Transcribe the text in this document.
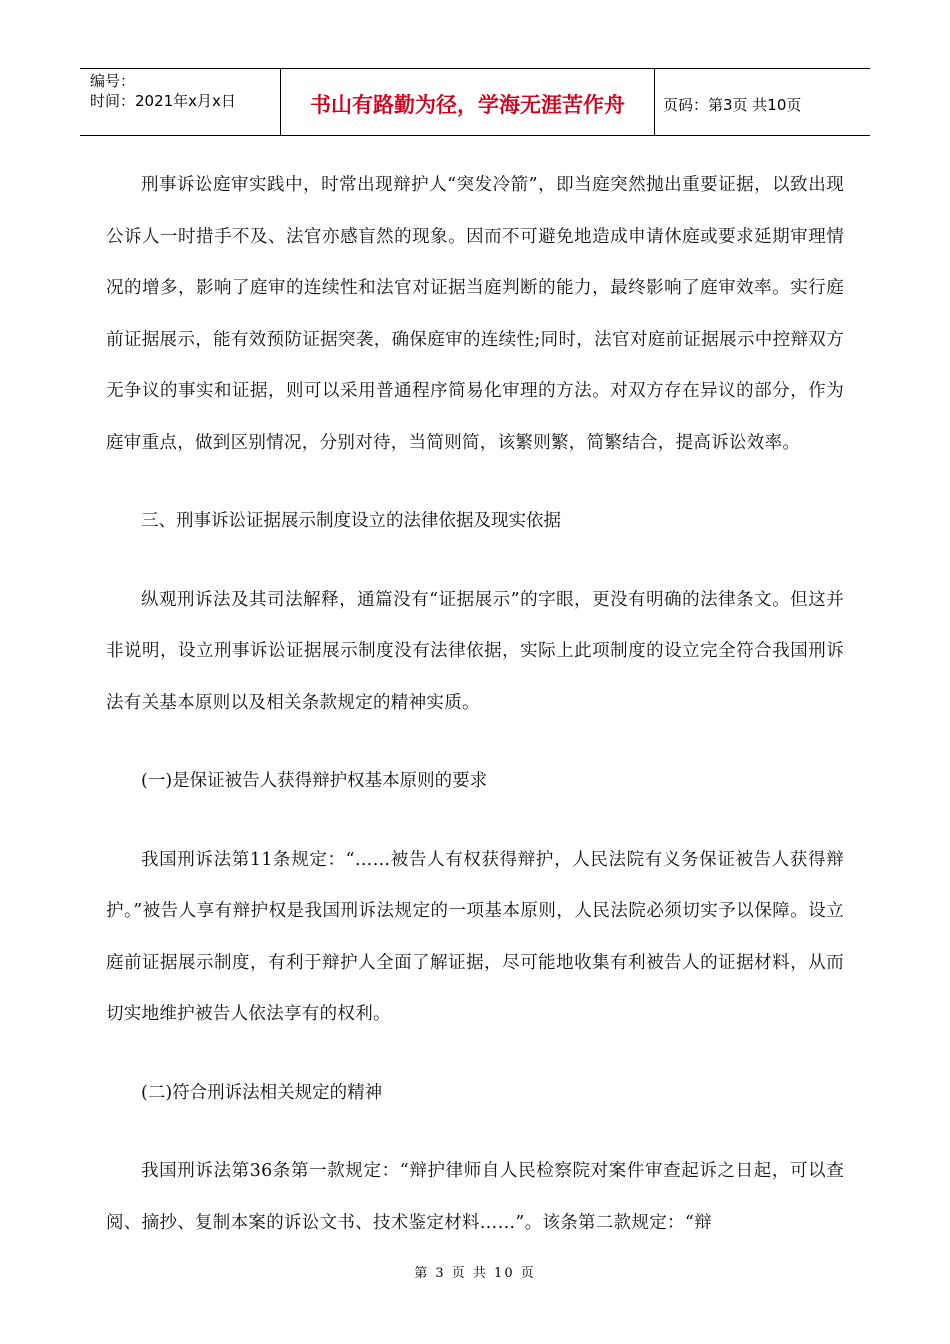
编号：
时间：2021年x月x日	书山有路勤为径，学海无涯苦作舟	页码：第3页 共10页

刑事诉讼庭审实践中，时常出现辩护人“突发冷箭”，即当庭突然抛出重要证据，以致出现公诉人一时措手不及、法官亦感盲然的现象。因而不可避免地造成申请休庭或要求延期审理情况的增多，影响了庭审的连续性和法官对证据当庭判断的能力，最终影响了庭审效率。实行庭前证据展示，能有效预防证据突袭，确保庭审的连续性;同时，法官对庭前证据展示中控辩双方无争议的事实和证据，则可以采用普通程序简易化审理的方法。对双方存在异议的部分，作为庭审重点，做到区别情况，分别对待，当简则简，该繁则繁，简繁结合，提高诉讼效率。

三、刑事诉讼证据展示制度设立的法律依据及现实依据

纵观刑诉法及其司法解释，通篇没有“证据展示”的字眼，更没有明确的法律条文。但这并非说明，设立刑事诉讼证据展示制度没有法律依据，实际上此项制度的设立完全符合我国刑诉法有关基本原则以及相关条款规定的精神实质。

(一)是保证被告人获得辩护权基本原则的要求

我国刑诉法第11条规定：“……被告人有权获得辩护，人民法院有义务保证被告人获得辩护。”被告人享有辩护权是我国刑诉法规定的一项基本原则，人民法院必须切实予以保障。设立庭前证据展示制度，有利于辩护人全面了解证据，尽可能地收集有利被告人的证据材料，从而切实地维护被告人依法享有的权利。

(二)符合刑诉法相关规定的精神

我国刑诉法第36条第一款规定：“辩护律师自人民检察院对案件审查起诉之日起，可以查阅、摘抄、复制本案的诉讼文书、技术鉴定材料……”。该条第二款规定：“辩

第 3 页 共 10 页
